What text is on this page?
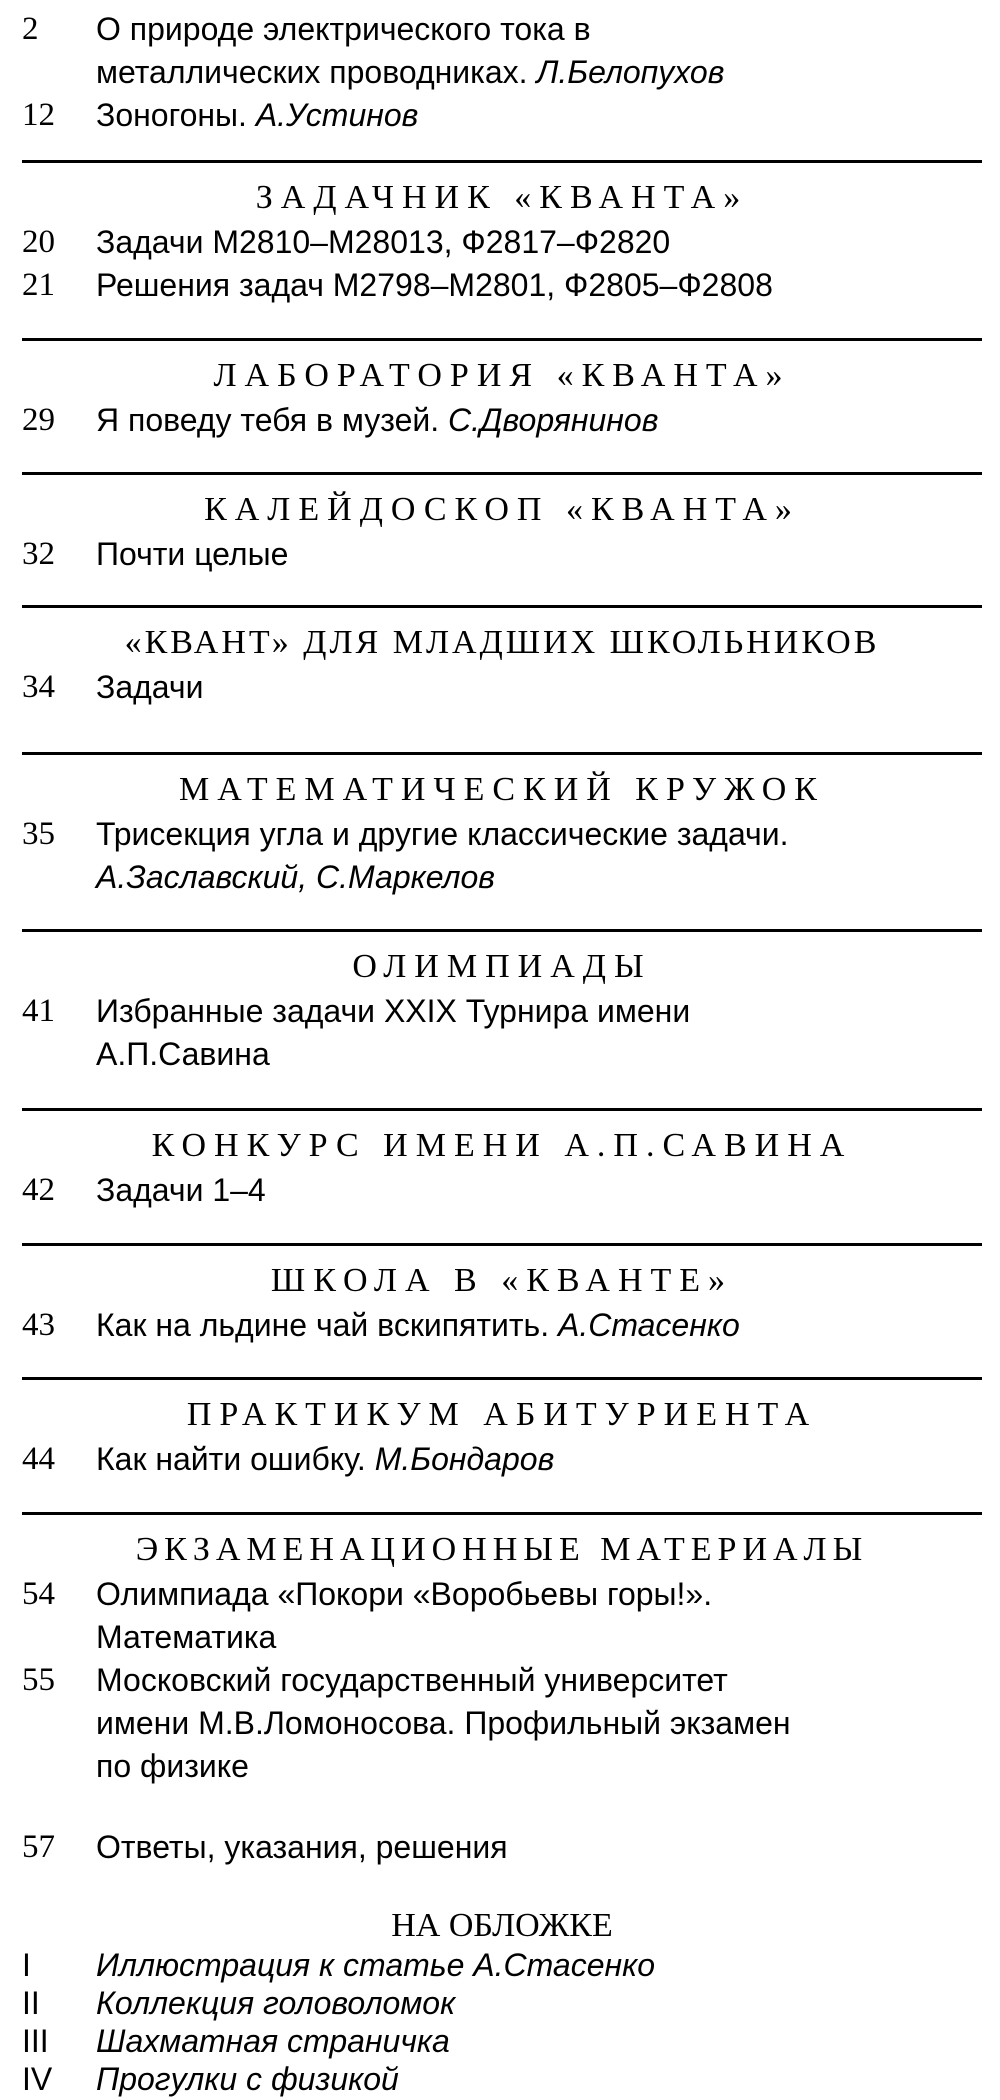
2	О природе электрического тока в
металлических проводниках. Л.Белопухов
12	Зоногоны. А.Устинов
ЗАДАЧНИК «КВАНТА»
20	Задачи М2810–М28013, Ф2817–Ф2820
21	Решения задач М2798–М2801, Ф2805–Ф2808
ЛАБОРАТОРИЯ «КВАНТА»
29	Я поведу тебя в музей. С.Дворянинов
КАЛЕЙДОСКОП «КВАНТА»
32	Почти целые
«КВАНТ» ДЛЯ МЛАДШИХ ШКОЛЬНИКОВ
34	Задачи
МАТЕМАТИЧЕСКИЙ КРУЖОК
35	Трисекция угла и другие классические задачи.
А.Заславский, С.Маркелов
ОЛИМПИАДЫ
41	Избранные задачи XXIX Турнира имени
А.П.Савина
КОНКУРС ИМЕНИ А.П.САВИНА
42	Задачи 1–4
ШКОЛА В «КВАНТЕ»
43	Как на льдине чай вскипятить. А.Стасенко
ПРАКТИКУМ АБИТУРИЕНТА
44	Как найти ошибку. М.Бондаров
ЭКЗАМЕНАЦИОННЫЕ МАТЕРИАЛЫ
54	Олимпиада «Покори «Воробьевы горы!».
Математика
55	Московский государственный университет
имени М.В.Ломоносова. Профильный экзамен
по физике
57	Ответы, указания, решения
НА ОБЛОЖКЕ
I	Иллюстрация к статье А.Стасенко
II	Коллекция головоломок
III	Шахматная страничка
IV	Прогулки с физикой
